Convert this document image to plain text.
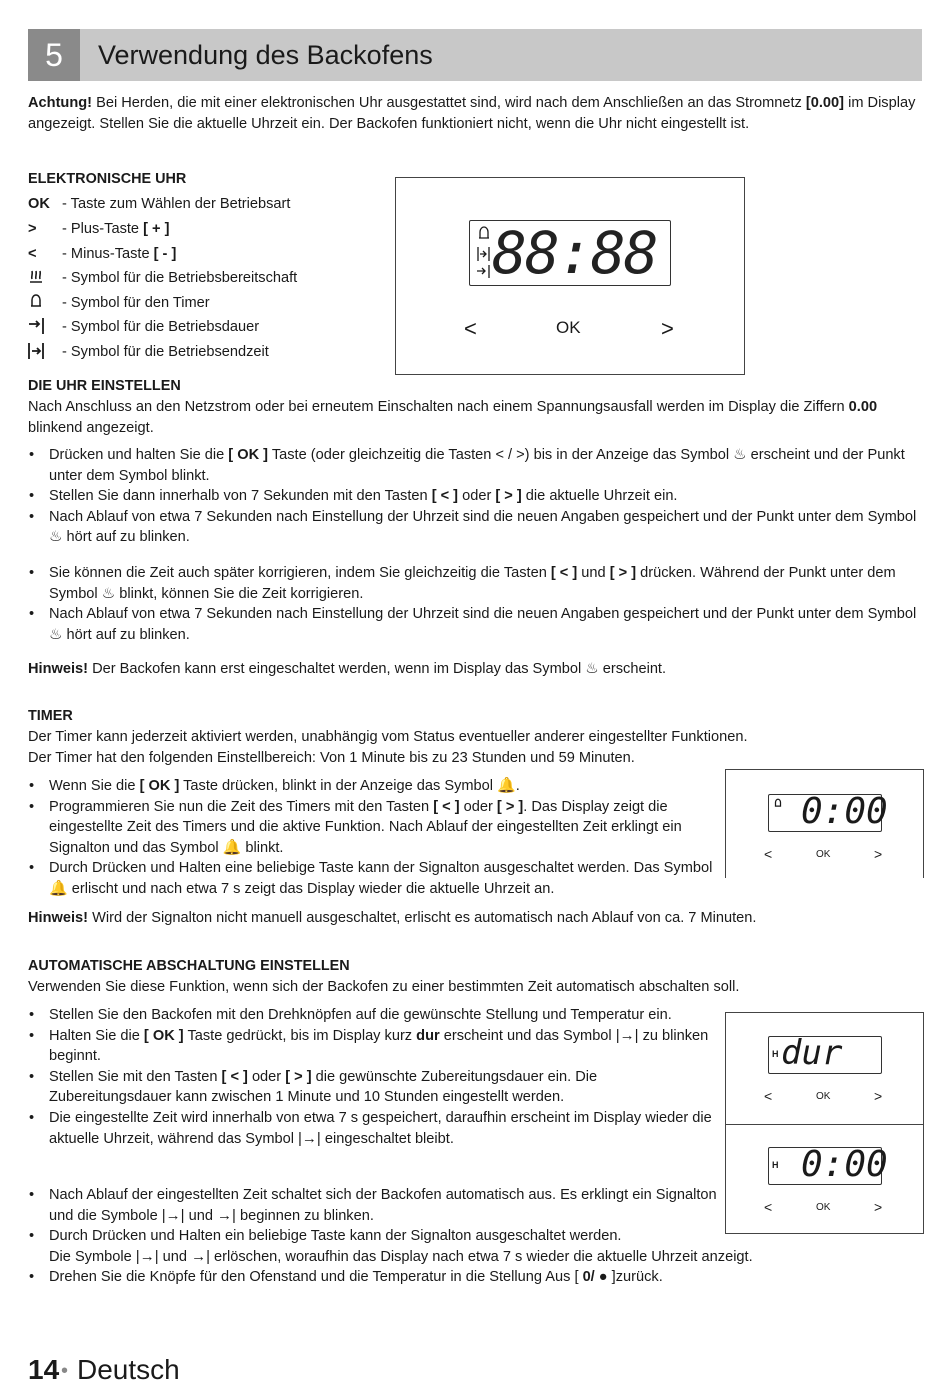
5	Verwendung des Backofens
Achtung! Bei Herden, die mit einer elektronischen Uhr ausgestattet sind, wird nach dem Anschließen an das Stromnetz [0.00] im Display angezeigt. Stellen Sie die aktuelle Uhrzeit ein. Der Backofen funktioniert nicht, wenn die Uhr nicht eingestellt ist.
ELEKTRONISCHE UHR
OK - Taste zum Wählen der Betriebsart
>	- Plus-Taste [ + ]
<	- Minus-Taste [ - ]
- Symbol für die Betriebsbereitschaft
- Symbol für den Timer
- Symbol für die Betriebsdauer
- Symbol für die Betriebsendzeit
88:88
<	OK	>
DIE UHR EINSTELLEN
Nach Anschluss an den Netzstrom oder bei erneutem Einschalten nach einem Spannungsausfall werden im Display die Ziffern 0.00 blinkend angezeigt.
• Drücken und halten Sie die [ OK ] Taste (oder gleichzeitig die Tasten < / >) bis in der Anzeige das Symbol ♨ erscheint und der Punkt unter dem Symbol blinkt.
• Stellen Sie dann innerhalb von 7 Sekunden mit den Tasten [ < ] oder [ > ] die aktuelle Uhrzeit ein.
• Nach Ablauf von etwa 7 Sekunden nach Einstellung der Uhrzeit sind die neuen Angaben gespeichert und der Punkt unter dem Symbol ♨ hört auf zu blinken.
• Sie können die Zeit auch später korrigieren, indem Sie gleichzeitig die Tasten [ < ] und [ > ] drücken. Während der Punkt unter dem Symbol ♨ blinkt, können Sie die Zeit korrigieren.
• Nach Ablauf von etwa 7 Sekunden nach Einstellung der Uhrzeit sind die neuen Angaben gespeichert und der Punkt unter dem Symbol ♨ hört auf zu blinken.
Hinweis! Der Backofen kann erst eingeschaltet werden, wenn im Display das Symbol ♨ erscheint.
TIMER
Der Timer kann jederzeit aktiviert werden, unabhängig vom Status eventueller anderer eingestellter Funktionen.
Der Timer hat den folgenden Einstellbereich: Von 1 Minute bis zu 23 Stunden und 59 Minuten.
• Wenn Sie die [ OK ] Taste drücken, blinkt in der Anzeige das Symbol 🔔.
• Programmieren Sie nun die Zeit des Timers mit den Tasten [ < ] oder [ > ]. Das Display zeigt die eingestellte Zeit des Timers und die aktive Funktion. Nach Ablauf der eingestellten Zeit erklingt ein Signalton und das Symbol 🔔 blinkt.
• Durch Drücken und Halten eine beliebige Taste kann der Signalton ausgeschaltet werden. Das Symbol 🔔 erlischt und nach etwa 7 s zeigt das Display wieder die aktuelle Uhrzeit an.
Hinweis! Wird der Signalton nicht manuell ausgeschaltet, erlischt es automatisch nach Ablauf von ca. 7 Minuten.
0:00
<	OK	>
AUTOMATISCHE ABSCHALTUNG EINSTELLEN
Verwenden Sie diese Funktion, wenn sich der Backofen zu einer bestimmten Zeit automatisch abschalten soll.
• Stellen Sie den Backofen mit den Drehknöpfen auf die gewünschte Stellung und Temperatur ein.
• Halten Sie die [ OK ] Taste gedrückt, bis im Display kurz dur erscheint und das Symbol |→| zu blinken beginnt.
• Stellen Sie mit den Tasten [ < ] oder [ > ] die gewünschte Zubereitungsdauer ein. Die Zubereitungsdauer kann zwischen 1 Minute und 10 Stunden eingestellt werden.
• Die eingestellte Zeit wird innerhalb von etwa 7 s gespeichert, daraufhin erscheint im Display wieder die aktuelle Uhrzeit, während das Symbol |→| eingeschaltet bleibt.
• Nach Ablauf der eingestellten Zeit schaltet sich der Backofen automatisch aus. Es erklingt ein Signalton und die Symbole |→| und →| beginnen zu blinken.
• Durch Drücken und Halten ein beliebige Taste kann der Signalton ausgeschaltet werden.
Die Symbole |→| und →| erlöschen, woraufhin das Display nach etwa 7 s wieder die aktuelle Uhrzeit anzeigt.
• Drehen Sie die Knöpfe für den Ofenstand und die Temperatur in die Stellung Aus [ 0/ ● ]zurück.
H dur
<	OK	>
H 0:00
<	OK	>
14 • Deutsch
